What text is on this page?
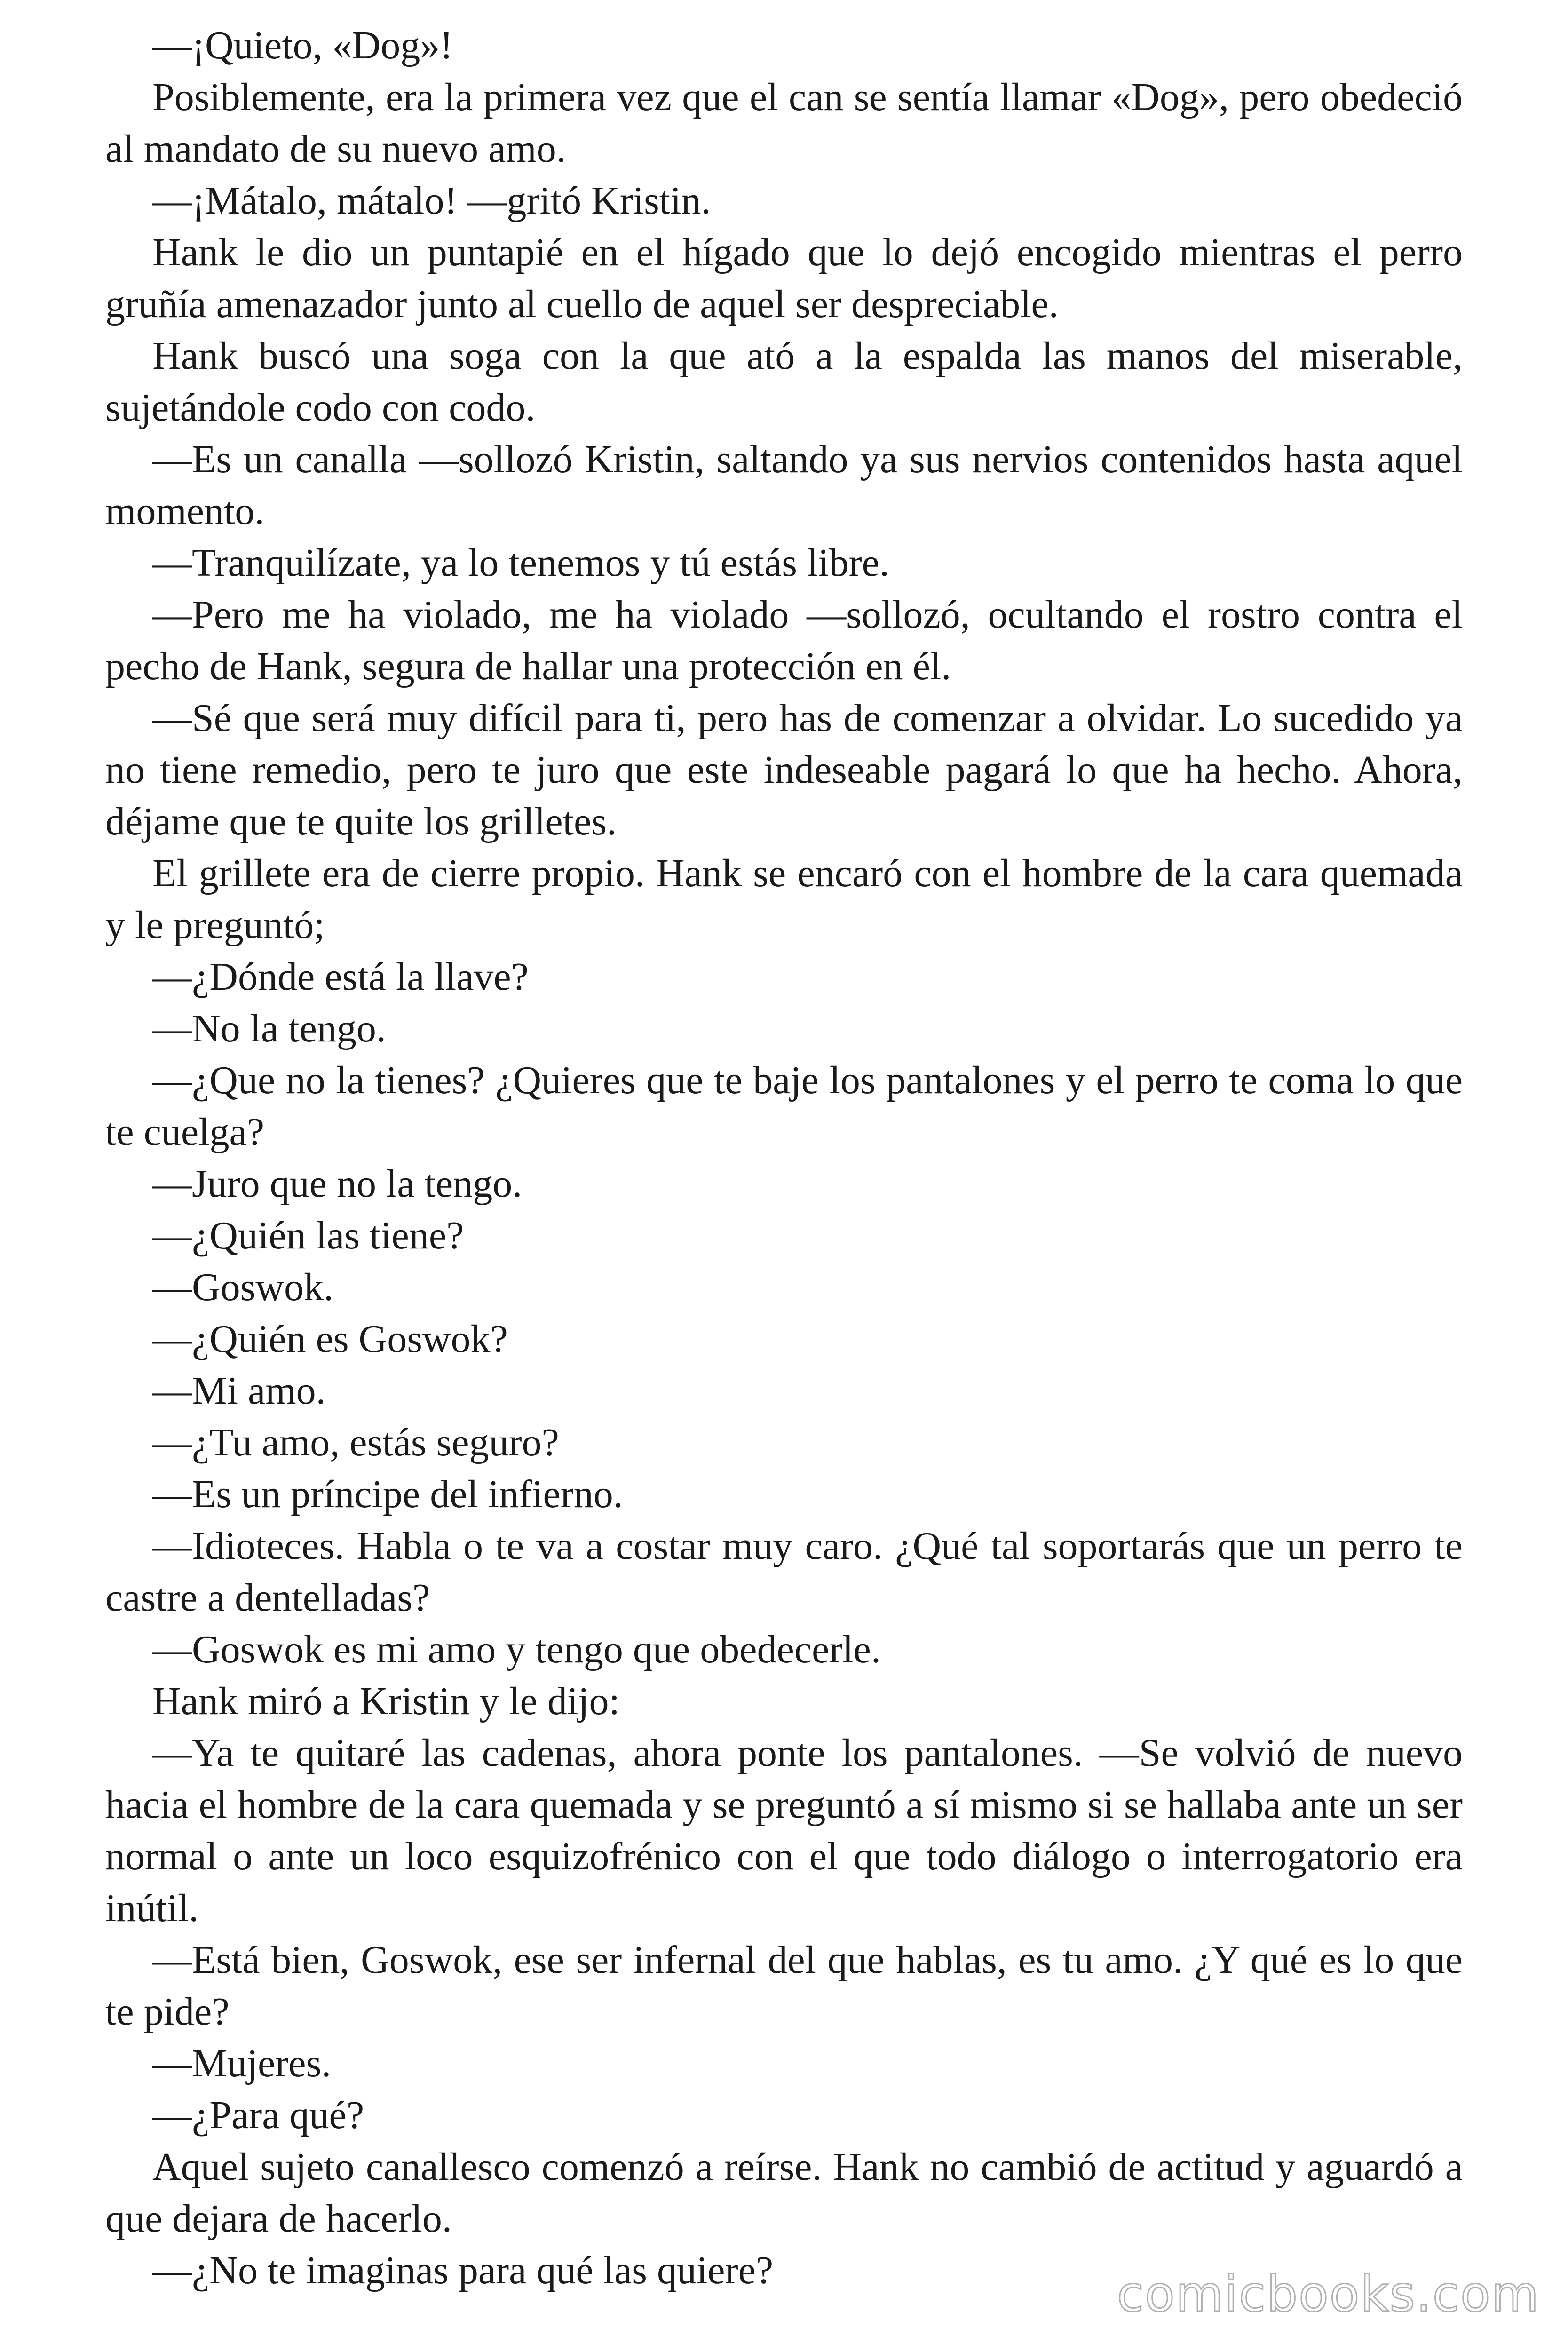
—¡Quieto, «Dog»!

Posiblemente, era la primera vez que el can se sentía llamar «Dog», pero obedeció al mandato de su nuevo amo.

—¡Mátalo, mátalo! —gritó Kristin.

Hank le dio un puntapié en el hígado que lo dejó encogido mientras el perro gruñía amenazador junto al cuello de aquel ser despreciable.

Hank buscó una soga con la que ató a la espalda las manos del miserable, sujetándole codo con codo.

—Es un canalla —sollozó Kristin, saltando ya sus nervios contenidos hasta aquel momento.

—Tranquilízate, ya lo tenemos y tú estás libre.

—Pero me ha violado, me ha violado —sollozó, ocultando el rostro contra el pecho de Hank, segura de hallar una protección en él.

—Sé que será muy difícil para ti, pero has de comenzar a olvidar. Lo sucedido ya no tiene remedio, pero te juro que este indeseable pagará lo que ha hecho. Ahora, déjame que te quite los grilletes.

El grillete era de cierre propio. Hank se encaró con el hombre de la cara quemada y le preguntó;

—¿Dónde está la llave?

—No la tengo.

—¿Que no la tienes? ¿Quieres que te baje los pantalones y el perro te coma lo que te cuelga?

—Juro que no la tengo.

—¿Quién las tiene?

—Goswok.

—¿Quién es Goswok?

—Mi amo.

—¿Tu amo, estás seguro?

—Es un príncipe del infierno.

—Idioteces. Habla o te va a costar muy caro. ¿Qué tal soportarás que un perro te castre a dentelladas?

—Goswok es mi amo y tengo que obedecerle.

Hank miró a Kristin y le dijo:

—Ya te quitaré las cadenas, ahora ponte los pantalones. —Se volvió de nuevo hacia el hombre de la cara quemada y se preguntó a sí mismo si se hallaba ante un ser normal o ante un loco esquizofrénico con el que todo diálogo o interrogatorio era inútil.

—Está bien, Goswok, ese ser infernal del que hablas, es tu amo. ¿Y qué es lo que te pide?

—Mujeres.

—¿Para qué?

Aquel sujeto canallesco comenzó a reírse. Hank no cambió de actitud y aguardó a que dejara de hacerlo.

—¿No te imaginas para qué las quiere?	comicbooks.com
